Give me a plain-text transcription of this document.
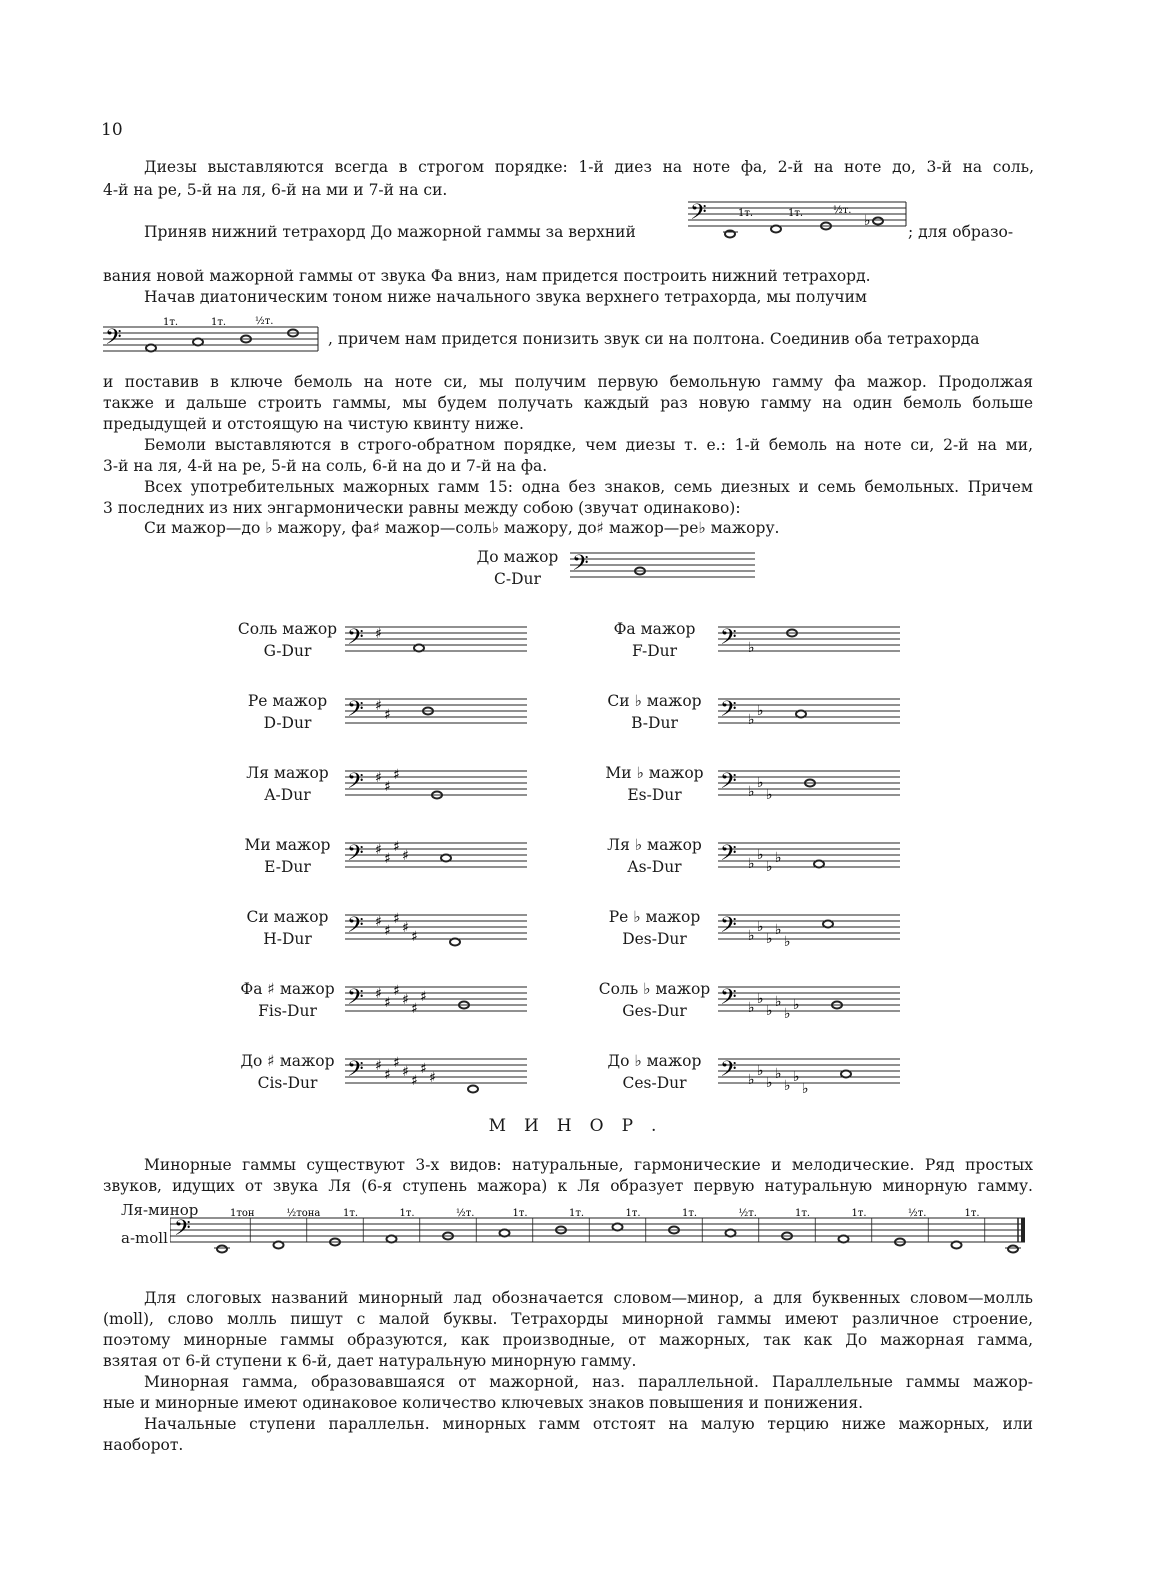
10
Диезы выставляются всегда в строгом порядке: 1-й диез на ноте фа, 2-й на ноте до, 3-й на соль,
4-й на ре, 5-й на ля, 6-й на ми и 7-й на си.
Приняв нижний тетрахорд До мажорной гаммы за верхний
𝄢	1т.	1т.	½т.
♭
; для образо-
вания новой мажорной гаммы от звука Фа вниз, нам придется построить нижний тетрахорд.
Начав диатоническим тоном ниже начального звука верхнего тетрахорда, мы получим
𝄢
1т.	1т.	½т.
, причем нам придется понизить звук си на полтона. Соединив оба тетрахорда
и поставив в ключе бемоль на ноте си, мы получим первую бемольную гамму фа мажор. Продолжая
также и дальше строить гаммы, мы будем получать каждый раз новую гамму на один бемоль больше
предыдущей и отстоящую на чистую квинту ниже.
Бемоли выставляются в строго-обратном порядке, чем диезы т. е.: 1-й бемоль на ноте си, 2-й на ми,
3-й на ля, 4-й на ре, 5-й на соль, 6-й на до и 7-й на фа.
Всех употребительных мажорных гамм 15: одна без знаков, семь диезных и семь бемольных. Причем
3 последних из них энгармонически равны между собою (звучат одинаково):
Си мажор—до ♭ мажору, фа♯ мажор—соль♭ мажору, до♯ мажор—ре♭ мажору.
До мажор
C-Dur	𝄢
Соль мажор
G-Dur	𝄢 ♯
Ре мажор
D-Dur	𝄢 ♯
♯
Ля мажор
A-Dur	𝄢 ♯
♯
♯
Ми мажор
E-Dur	𝄢 ♯
♯
♯
♯
Си мажор
H-Dur	𝄢 ♯
♯
♯
♯
♯
Фа ♯ мажор
Fis-Dur	𝄢 ♯
♯
♯
♯
♯
♯
До ♯ мажор
Cis-Dur	𝄢 ♯
♯
♯
♯
♯
♯
♯
Фа мажор
F-Dur	𝄢 ♭
Си ♭ мажор
B-Dur	𝄢 ♭
♭
Ми ♭ мажор
Es-Dur	𝄢 ♭
♭
♭
Ля ♭ мажор
As-Dur	𝄢 ♭
♭
♭
♭
Ре ♭ мажор
Des-Dur	𝄢 ♭
♭
♭
♭
♭
Соль ♭ мажор
Ges-Dur	𝄢 ♭
♭
♭
♭
♭
♭
До ♭ мажор
Ces-Dur	𝄢 ♭
♭
♭
♭
♭
♭
♭
МИНОР.
Минорные гаммы существуют 3-х видов: натуральные, гармонические и мелодические. Ряд простых
звуков, идущих от звука Ля (6-я ступень мажора) к Ля образует первую натуральную минорную гамму.
Ля-минор
a-moll 𝄢
1тон	½тона 1т.	1т.	½т.	1т.	1т.	1т.	1т.	½т.	1т.	1т.	½т.	1т.
Для слоговых названий минорный лад обозначается словом—минор, а для буквенных словом—молль
(moll), слово молль пишут с малой буквы. Тетрахорды минорной гаммы имеют различное строение,
поэтому минорные гаммы образуются, как производные, от мажорных, так как До мажорная гамма,
взятая от 6-й ступени к 6-й, дает натуральную минорную гамму.
Минорная гамма, образовавшаяся от мажорной, наз. параллельной. Параллельные гаммы мажор-
ные и минорные имеют одинаковое количество ключевых знаков повышения и понижения.
Начальные ступени параллельн. минорных гамм отстоят на малую терцию ниже мажорных, или
наоборот.
